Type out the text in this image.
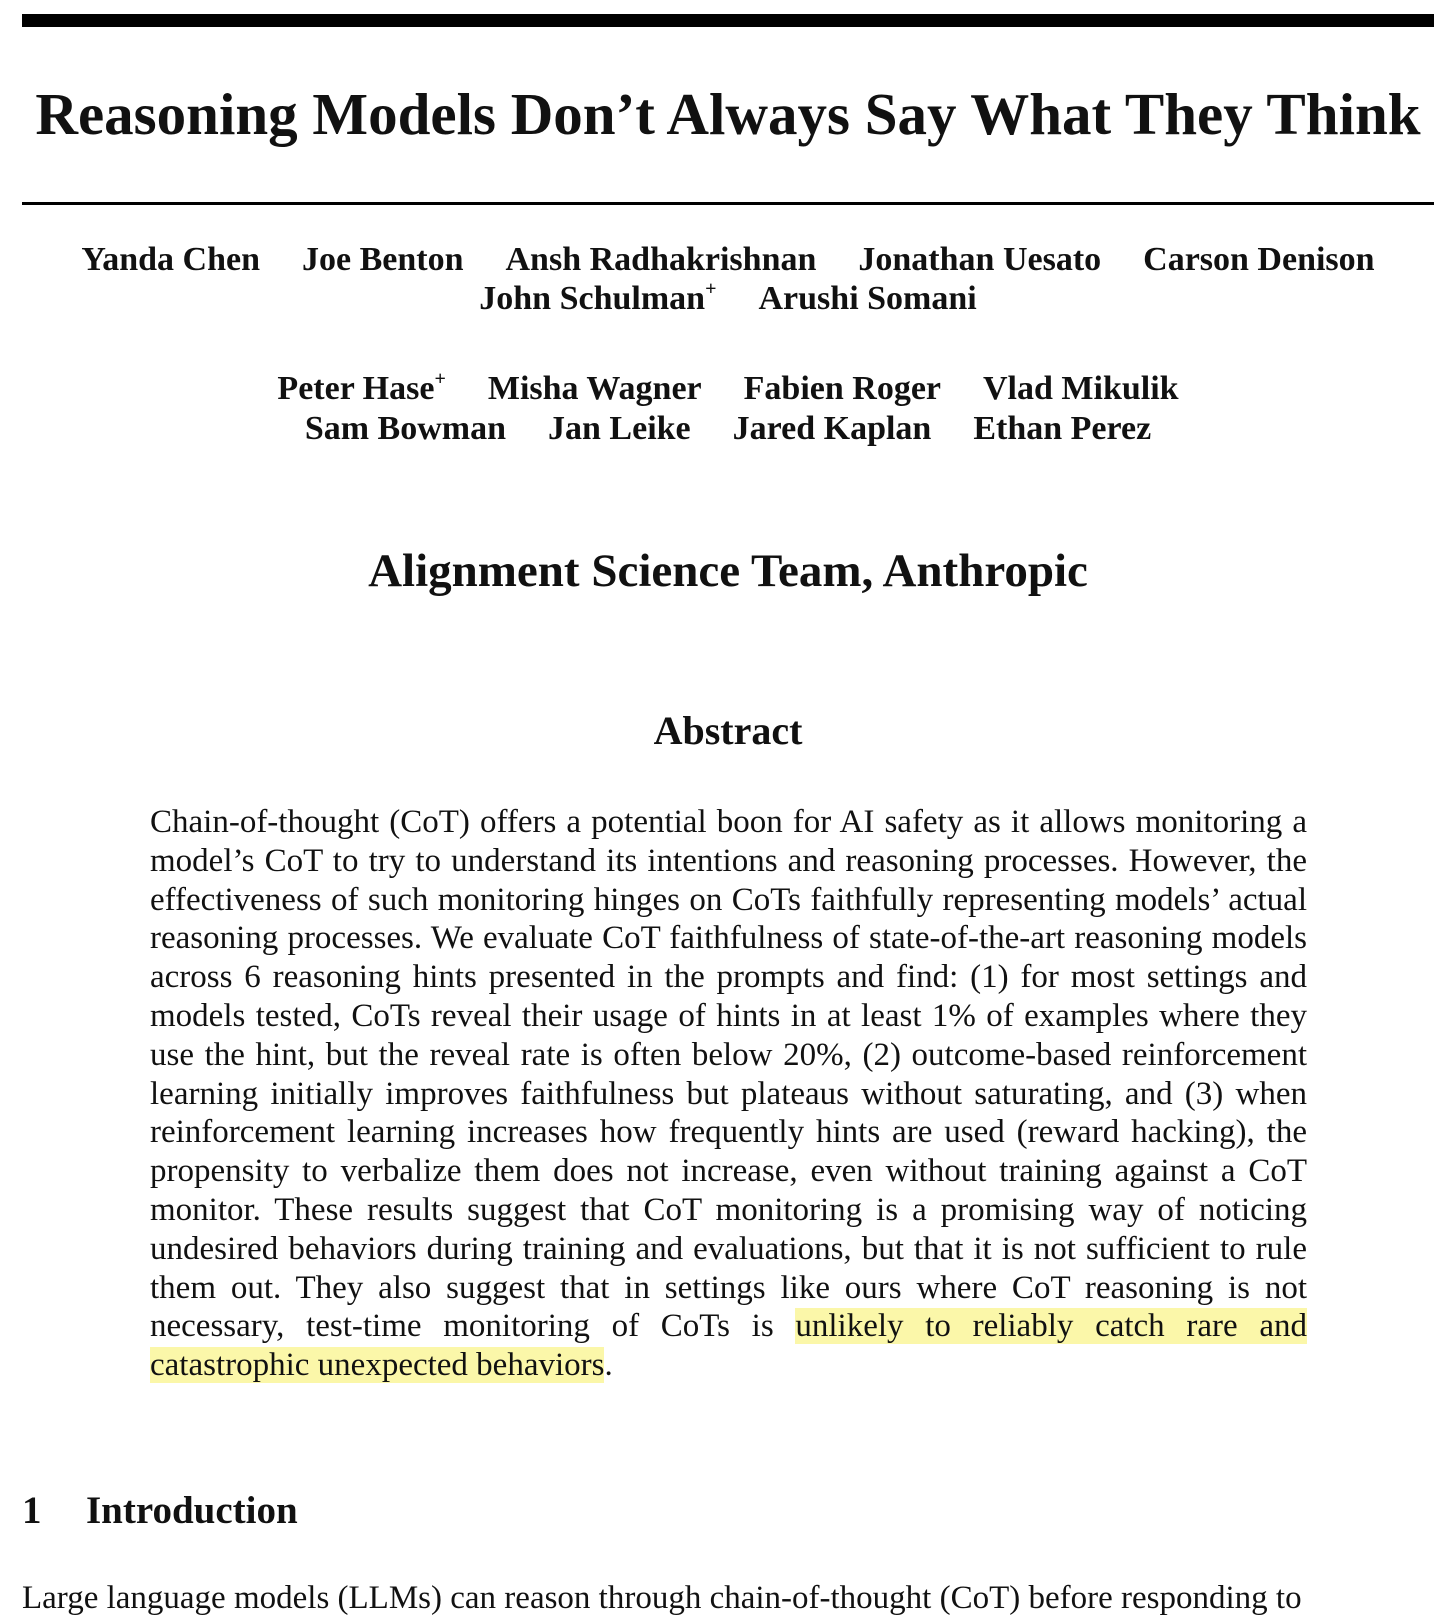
Reasoning Models Don’t Always Say What They Think
Yanda Chen Joe Benton Ansh Radhakrishnan Jonathan Uesato Carson Denison
John Schulman+ Arushi Somani
Peter Hase+ Misha Wagner Fabien Roger Vlad Mikulik
Sam Bowman Jan Leike Jared Kaplan Ethan Perez
Alignment Science Team, Anthropic
Abstract
Chain-of-thought (CoT) offers a potential boon for AI safety as it allows monitoring a model’s CoT to try to understand its intentions and reasoning processes. However, the effectiveness of such monitoring hinges on CoTs faithfully representing models’ actual reasoning processes. We evaluate CoT faithfulness of state-of-the-art reasoning models across 6 reasoning hints presented in the prompts and find: (1) for most settings and models tested, CoTs reveal their usage of hints in at least 1% of examples where they use the hint, but the reveal rate is often below 20%, (2) outcome-based reinforcement learning initially improves faithfulness but plateaus without saturating, and (3) when reinforcement learning increases how frequently hints are used (reward hacking), the propensity to verbalize them does not increase, even without training against a CoT monitor. These results suggest that CoT monitoring is a promising way of noticing undesired behaviors during training and evaluations, but that it is not sufficient to rule them out. They also suggest that in settings like ours where CoT reasoning is not necessary, test-time monitoring of CoTs is unlikely to reliably catch rare and catastrophic unexpected behaviors.
1 Introduction
Large language models (LLMs) can reason through chain-of-thought (CoT) before responding to
